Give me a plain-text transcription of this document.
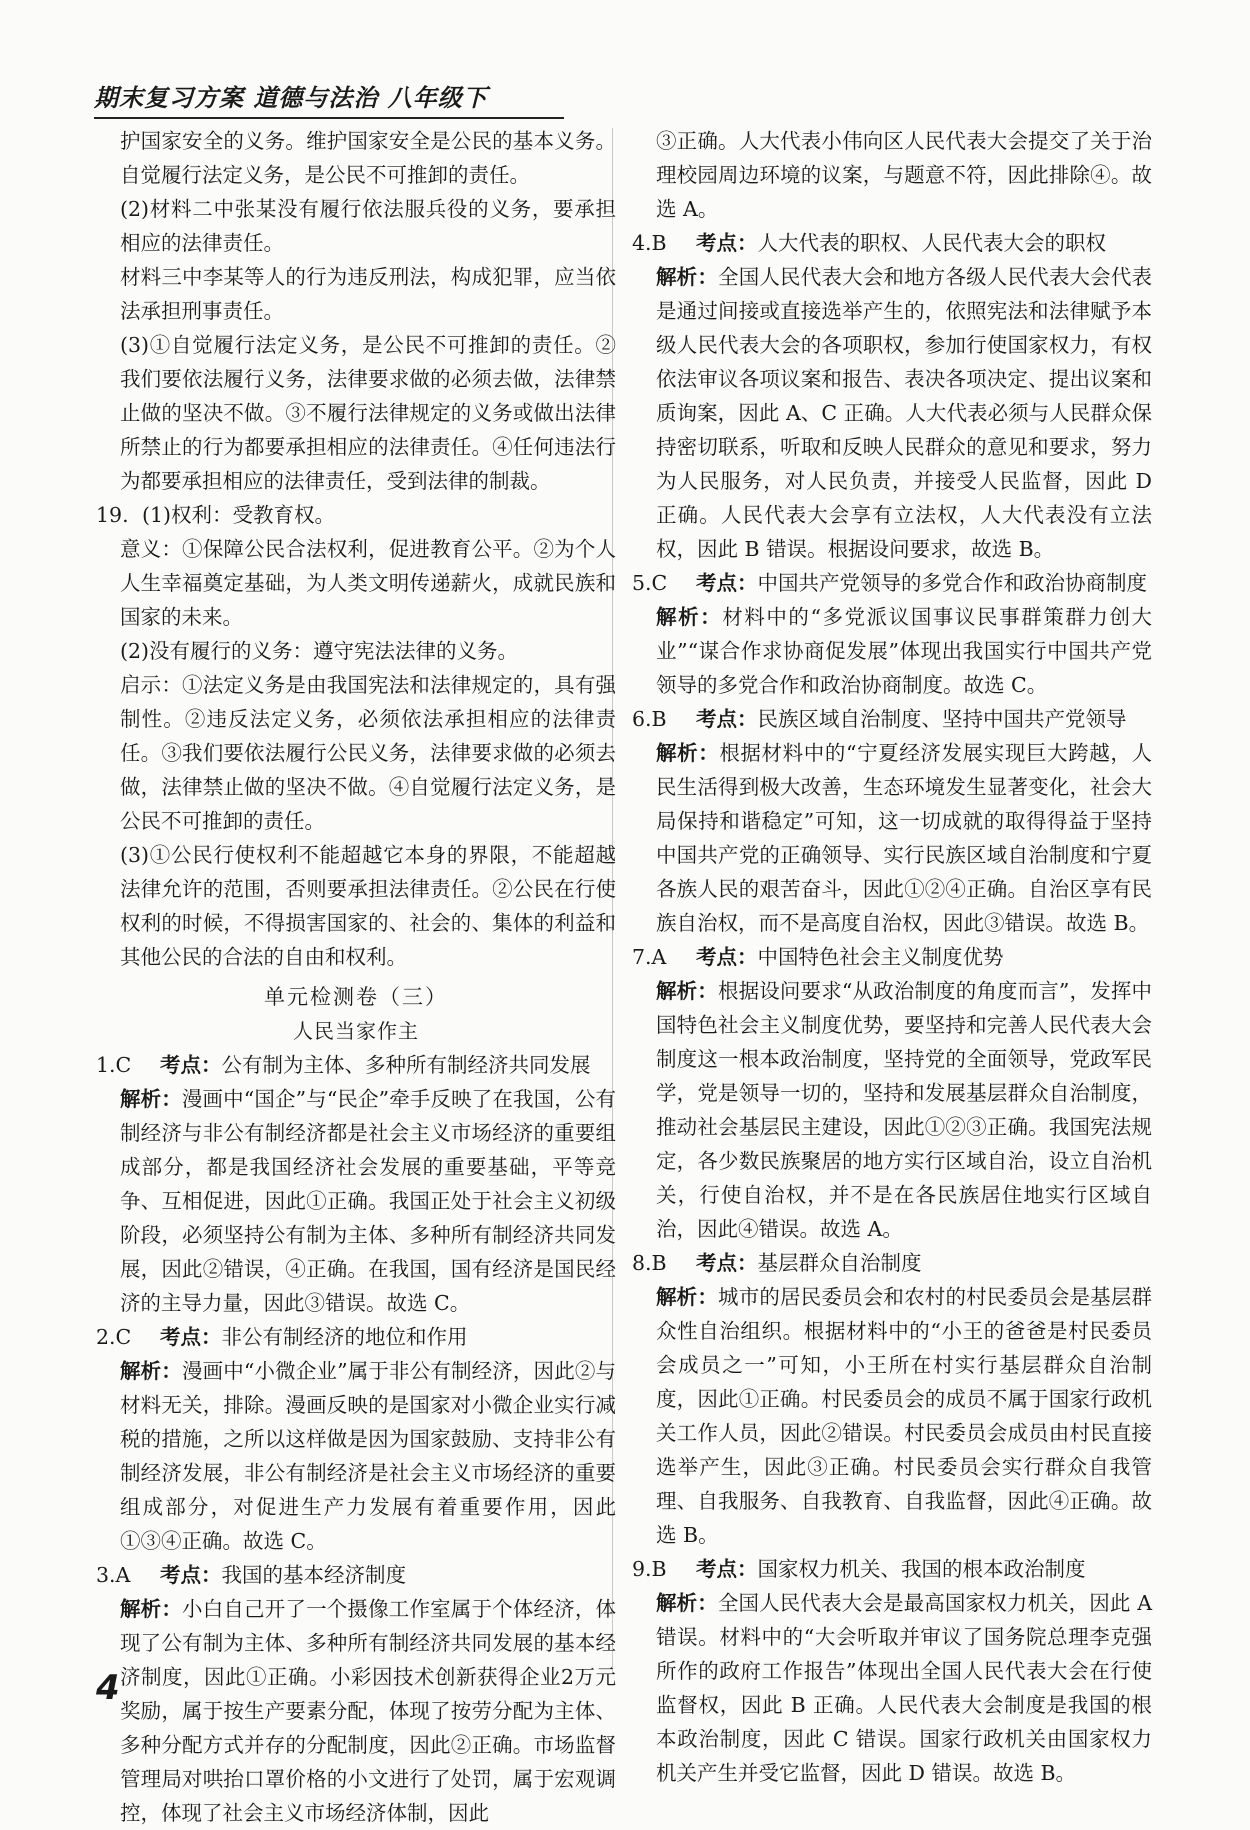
期末复习方案 道德与法治 八年级下

护国家安全的义务。维护国家安全是公民的基本义务。自觉履行法定义务，是公民不可推卸的责任。

(2)材料二中张某没有履行依法服兵役的义务，要承担相应的法律责任。

材料三中李某等人的行为违反刑法，构成犯罪，应当依法承担刑事责任。

(3)①自觉履行法定义务，是公民不可推卸的责任。②我们要依法履行义务，法律要求做的必须去做，法律禁止做的坚决不做。③不履行法律规定的义务或做出法律所禁止的行为都要承担相应的法律责任。④任何违法行为都要承担相应的法律责任，受到法律的制裁。

19. (1)权利：受教育权。

意义：①保障公民合法权利，促进教育公平。②为个人人生幸福奠定基础，为人类文明传递薪火，成就民族和国家的未来。

(2)没有履行的义务：遵守宪法法律的义务。

启示：①法定义务是由我国宪法和法律规定的，具有强制性。②违反法定义务，必须依法承担相应的法律责任。③我们要依法履行公民义务，法律要求做的必须去做，法律禁止做的坚决不做。④自觉履行法定义务，是公民不可推卸的责任。

(3)①公民行使权利不能超越它本身的界限，不能超越法律允许的范围，否则要承担法律责任。②公民在行使权利的时候，不得损害国家的、社会的、集体的利益和其他公民的合法的自由和权利。

单元检测卷（三）

人民当家作主

1.C 考点：公有制为主体、多种所有制经济共同发展

解析：漫画中“国企”与“民企”牵手反映了在我国，公有制经济与非公有制经济都是社会主义市场经济的重要组成部分，都是我国经济社会发展的重要基础，平等竞争、互相促进，因此①正确。我国正处于社会主义初级阶段，必须坚持公有制为主体、多种所有制经济共同发展，因此②错误，④正确。在我国，国有经济是国民经济的主导力量，因此③错误。故选 C。

2.C 考点：非公有制经济的地位和作用

解析：漫画中“小微企业”属于非公有制经济，因此②与材料无关，排除。漫画反映的是国家对小微企业实行减税的措施，之所以这样做是因为国家鼓励、支持非公有制经济发展，非公有制经济是社会主义市场经济的重要组成部分，对促进生产力发展有着重要作用，因此①③④正确。故选 C。

3.A 考点：我国的基本经济制度

解析：小白自己开了一个摄像工作室属于个体经济，体现了公有制为主体、多种所有制经济共同发展的基本经济制度，因此①正确。小彩因技术创新获得企业2万元奖励，属于按生产要素分配，体现了按劳分配为主体、多种分配方式并存的分配制度，因此②正确。市场监督管理局对哄抬口罩价格的小文进行了处罚，属于宏观调控，体现了社会主义市场经济体制，因此

③正确。人大代表小伟向区人民代表大会提交了关于治理校园周边环境的议案，与题意不符，因此排除④。故选 A。

4.B 考点：人大代表的职权、人民代表大会的职权

解析：全国人民代表大会和地方各级人民代表大会代表是通过间接或直接选举产生的，依照宪法和法律赋予本级人民代表大会的各项职权，参加行使国家权力，有权依法审议各项议案和报告、表决各项决定、提出议案和质询案，因此 A、C 正确。人大代表必须与人民群众保持密切联系，听取和反映人民群众的意见和要求，努力为人民服务，对人民负责，并接受人民监督，因此 D 正确。人民代表大会享有立法权，人大代表没有立法权，因此 B 错误。根据设问要求，故选 B。

5.C 考点：中国共产党领导的多党合作和政治协商制度

解析：材料中的“多党派议国事议民事群策群力创大业”“谋合作求协商促发展”体现出我国实行中国共产党领导的多党合作和政治协商制度。故选 C。

6.B 考点：民族区域自治制度、坚持中国共产党领导

解析：根据材料中的“宁夏经济发展实现巨大跨越，人民生活得到极大改善，生态环境发生显著变化，社会大局保持和谐稳定”可知，这一切成就的取得得益于坚持中国共产党的正确领导、实行民族区域自治制度和宁夏各族人民的艰苦奋斗，因此①②④正确。自治区享有民族自治权，而不是高度自治权，因此③错误。故选 B。

7.A 考点：中国特色社会主义制度优势

解析：根据设问要求“从政治制度的角度而言”，发挥中国特色社会主义制度优势，要坚持和完善人民代表大会制度这一根本政治制度，坚持党的全面领导，党政军民学，党是领导一切的，坚持和发展基层群众自治制度，推动社会基层民主建设，因此①②③正确。我国宪法规定，各少数民族聚居的地方实行区域自治，设立自治机关，行使自治权，并不是在各民族居住地实行区域自治，因此④错误。故选 A。

8.B 考点：基层群众自治制度

解析：城市的居民委员会和农村的村民委员会是基层群众性自治组织。根据材料中的“小王的爸爸是村民委员会成员之一”可知，小王所在村实行基层群众自治制度，因此①正确。村民委员会的成员不属于国家行政机关工作人员，因此②错误。村民委员会成员由村民直接选举产生，因此③正确。村民委员会实行群众自我管理、自我服务、自我教育、自我监督，因此④正确。故选 B。

9.B 考点：国家权力机关、我国的根本政治制度

解析：全国人民代表大会是最高国家权力机关，因此 A 错误。材料中的“大会听取并审议了国务院总理李克强所作的政府工作报告”体现出全国人民代表大会在行使监督权，因此 B 正确。人民代表大会制度是我国的根本政治制度，因此 C 错误。国家行政机关由国家权力机关产生并受它监督，因此 D 错误。故选 B。

4
